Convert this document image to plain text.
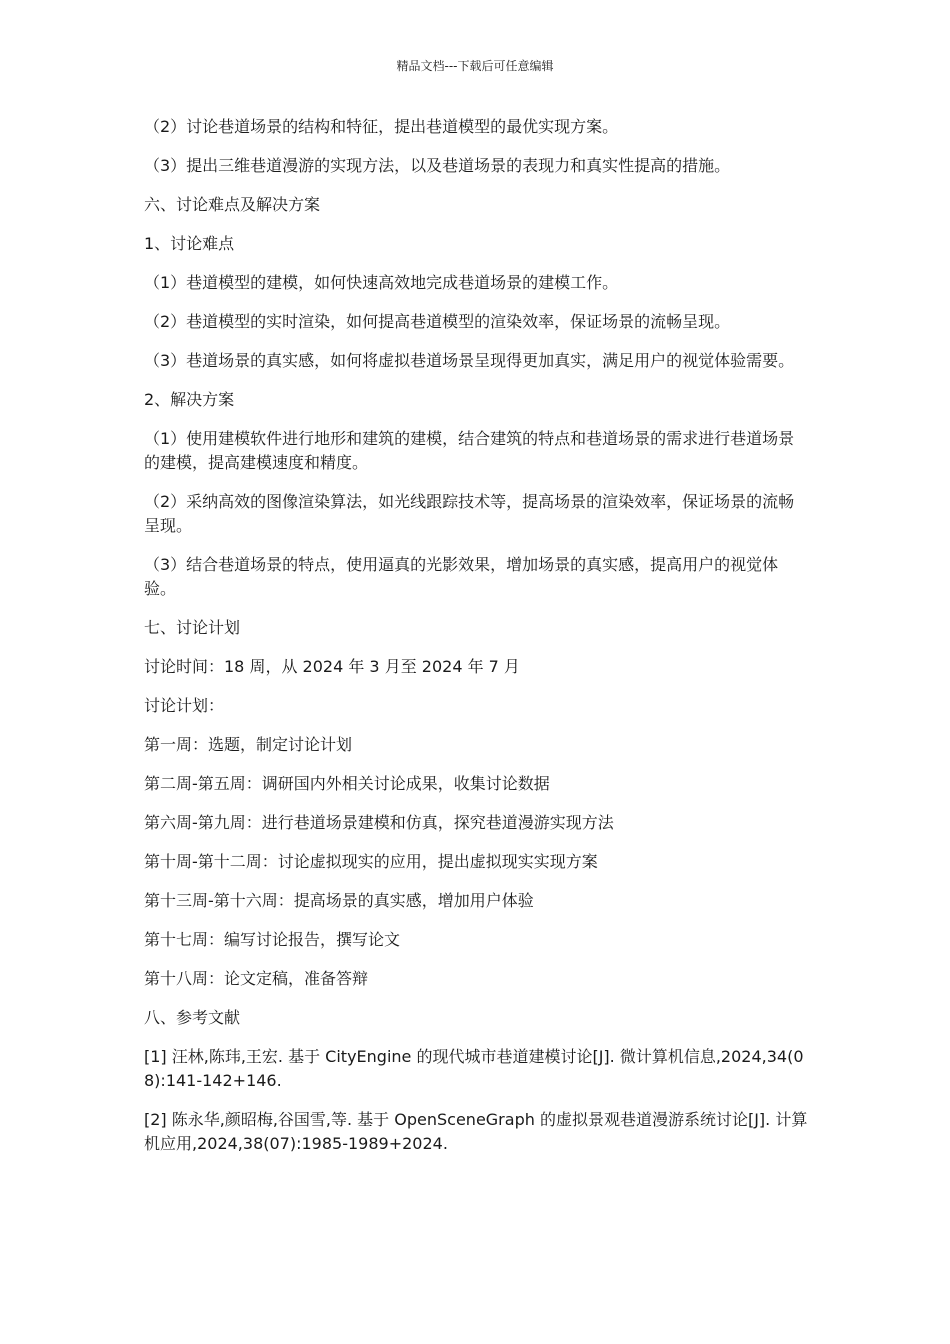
精品文档---下载后可任意编辑

（2）讨论巷道场景的结构和特征，提出巷道模型的最优实现方案。

（3）提出三维巷道漫游的实现方法，以及巷道场景的表现力和真实性提高的措施。

六、讨论难点及解决方案

1、讨论难点

（1）巷道模型的建模，如何快速高效地完成巷道场景的建模工作。

（2）巷道模型的实时渲染，如何提高巷道模型的渲染效率，保证场景的流畅呈现。

（3）巷道场景的真实感，如何将虚拟巷道场景呈现得更加真实，满足用户的视觉体验需要。

2、解决方案

（1）使用建模软件进行地形和建筑的建模，结合建筑的特点和巷道场景的需求进行巷道场景的建模，提高建模速度和精度。

（2）采纳高效的图像渲染算法，如光线跟踪技术等，提高场景的渲染效率，保证场景的流畅呈现。

（3）结合巷道场景的特点，使用逼真的光影效果，增加场景的真实感，提高用户的视觉体验。

七、讨论计划

讨论时间：18 周，从 2024 年 3 月至 2024 年 7 月

讨论计划：

第一周：选题，制定讨论计划

第二周-第五周：调研国内外相关讨论成果，收集讨论数据

第六周-第九周：进行巷道场景建模和仿真，探究巷道漫游实现方法

第十周-第十二周：讨论虚拟现实的应用，提出虚拟现实实现方案

第十三周-第十六周：提高场景的真实感，增加用户体验

第十七周：编写讨论报告，撰写论文

第十八周：论文定稿，准备答辩

八、参考文献

[1] 汪林,陈玮,王宏. 基于 CityEngine 的现代城市巷道建模讨论[J]. 微计算机信息,2024,34(08):141-142+146.

[2] 陈永华,颜昭梅,谷国雪,等. 基于 OpenSceneGraph 的虚拟景观巷道漫游系统讨论[J]. 计算机应用,2024,38(07):1985-1989+2024.
